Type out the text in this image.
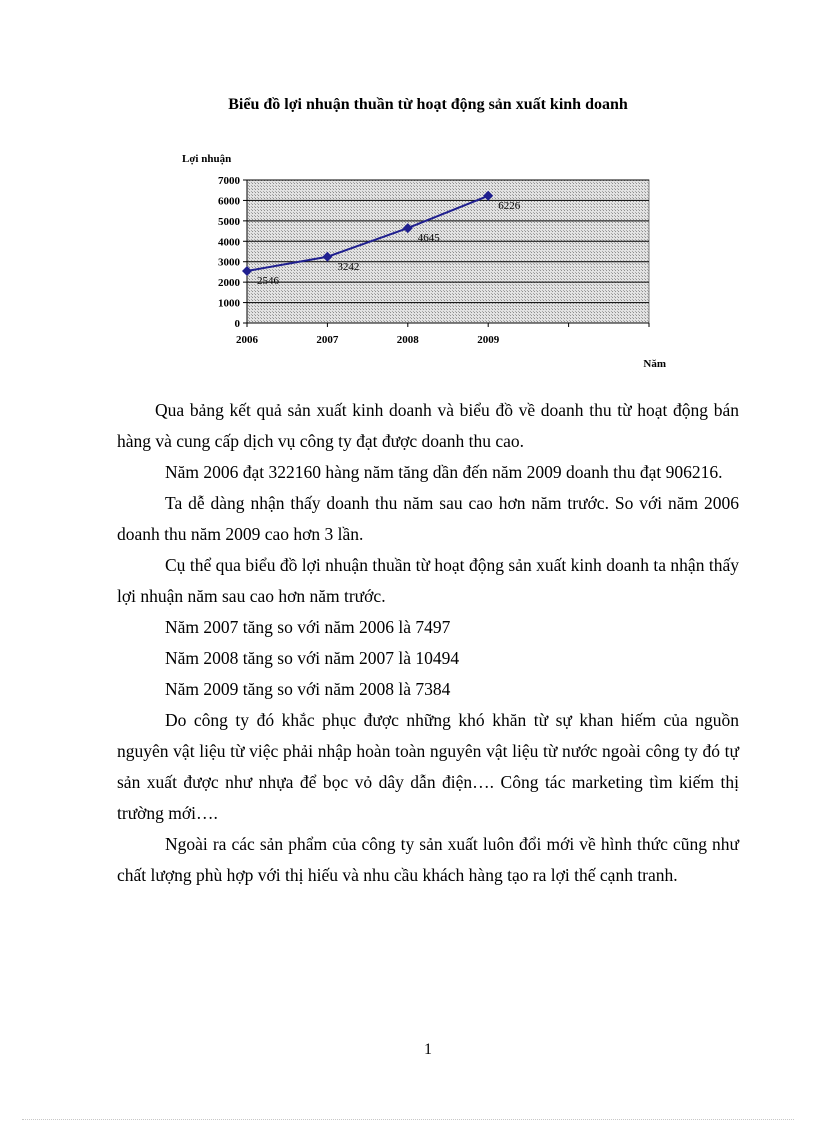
Biểu đồ lợi nhuận thuần từ hoạt động sản xuất kinh doanh
0
1000
2000
3000
4000
5000
6000
7000
2006	2007	2008	2009
Lợi nhuận
Năm
2546
3242
4645
6226

Qua bảng kết quả sản xuất kinh doanh và biểu đồ về doanh thu từ hoạt động bán hàng và cung cấp dịch vụ công ty đạt được doanh thu cao.

Năm 2006 đạt 322160 hàng năm tăng dần đến năm 2009 doanh thu đạt 906216.

Ta dễ dàng nhận thấy doanh thu năm sau cao hơn năm trước. So với năm 2006 doanh thu năm 2009 cao hơn 3 lần.

Cụ thể qua biểu đồ lợi nhuận thuần từ hoạt động sản xuất kinh doanh ta nhận thấy lợi nhuận năm sau cao hơn năm trước.

Năm 2007 tăng so với năm 2006 là 7497

Năm 2008 tăng so với năm 2007 là 10494

Năm 2009 tăng so với năm 2008 là 7384

Do công ty đó khắc phục được những khó khăn từ sự khan hiếm của nguồn nguyên vật liệu từ việc phải nhập hoàn toàn nguyên vật liệu từ nước ngoài công ty đó tự sản xuất được như nhựa để bọc vỏ dây dẫn điện…. Công tác marketing tìm kiếm thị trường mới….

Ngoài ra các sản phẩm của công ty sản xuất luôn đổi mới về hình thức cũng như chất lượng phù hợp với thị hiếu và nhu cầu khách hàng tạo ra lợi thế cạnh tranh.

1
